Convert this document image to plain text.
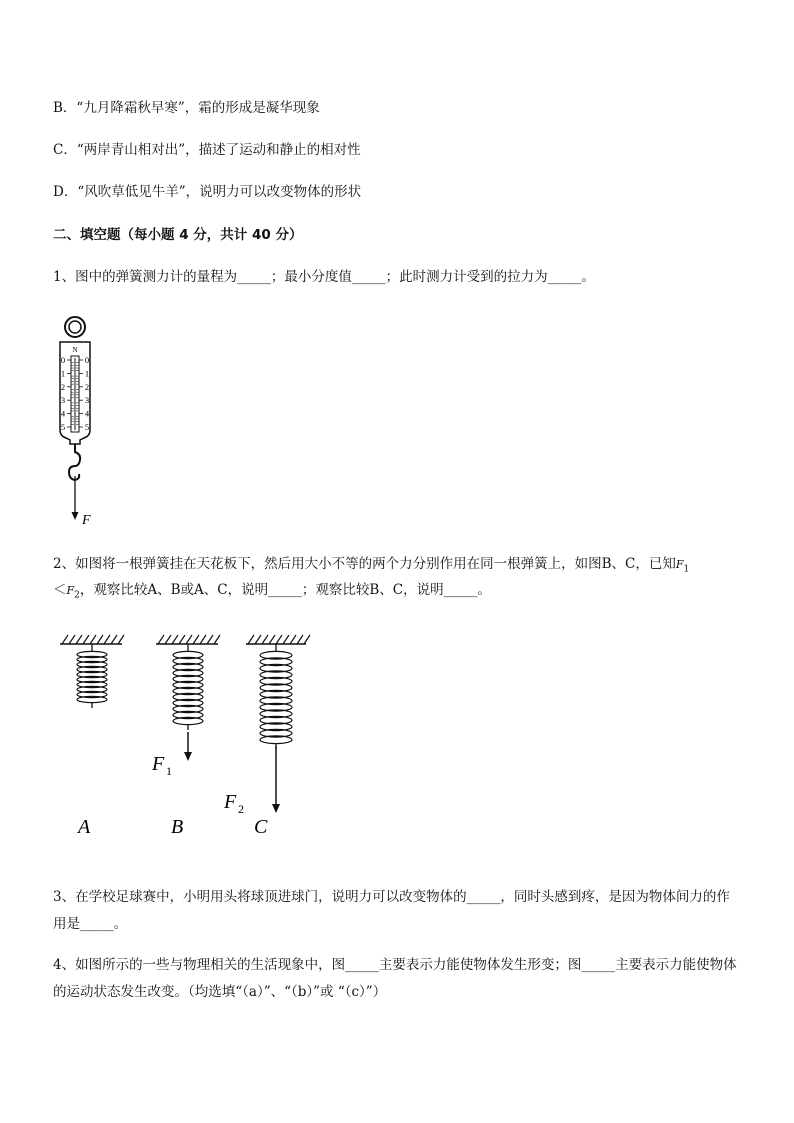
B．“九月降霜秋早寒”，霜的形成是凝华现象
C．“两岸青山相对出”，描述了运动和静止的相对性
D．“风吹草低见牛羊”，说明力可以改变物体的形状
二、填空题（每小题 4 分，共计 40 分）
1、图中的弹簧测力计的量程为_____；最小分度值_____；此时测力计受到的拉力为_____。
N
0 0
1 1
2 2
3 3
4 4
5 5
F
2、如图将一根弹簧挂在天花板下，然后用大小不等的两个力分别作用在同一根弹簧上，如图B、C，已知$F_1$
$<F_2$，观察比较A、B或A、C，说明_____；观察比较B、C，说明_____。
F 1
F 2
A	B	C
3、在学校足球赛中，小明用头将球顶进球门，说明力可以改变物体的_____，同时头感到疼，是因为物体间力的作用是_____。
4、如图所示的一些与物理相关的生活现象中，图_____主要表示力能使物体发生形变；图_____主要表示力能使物体的运动状态发生改变。（均选填“（a）”、“（b）”或 “（c）”）
